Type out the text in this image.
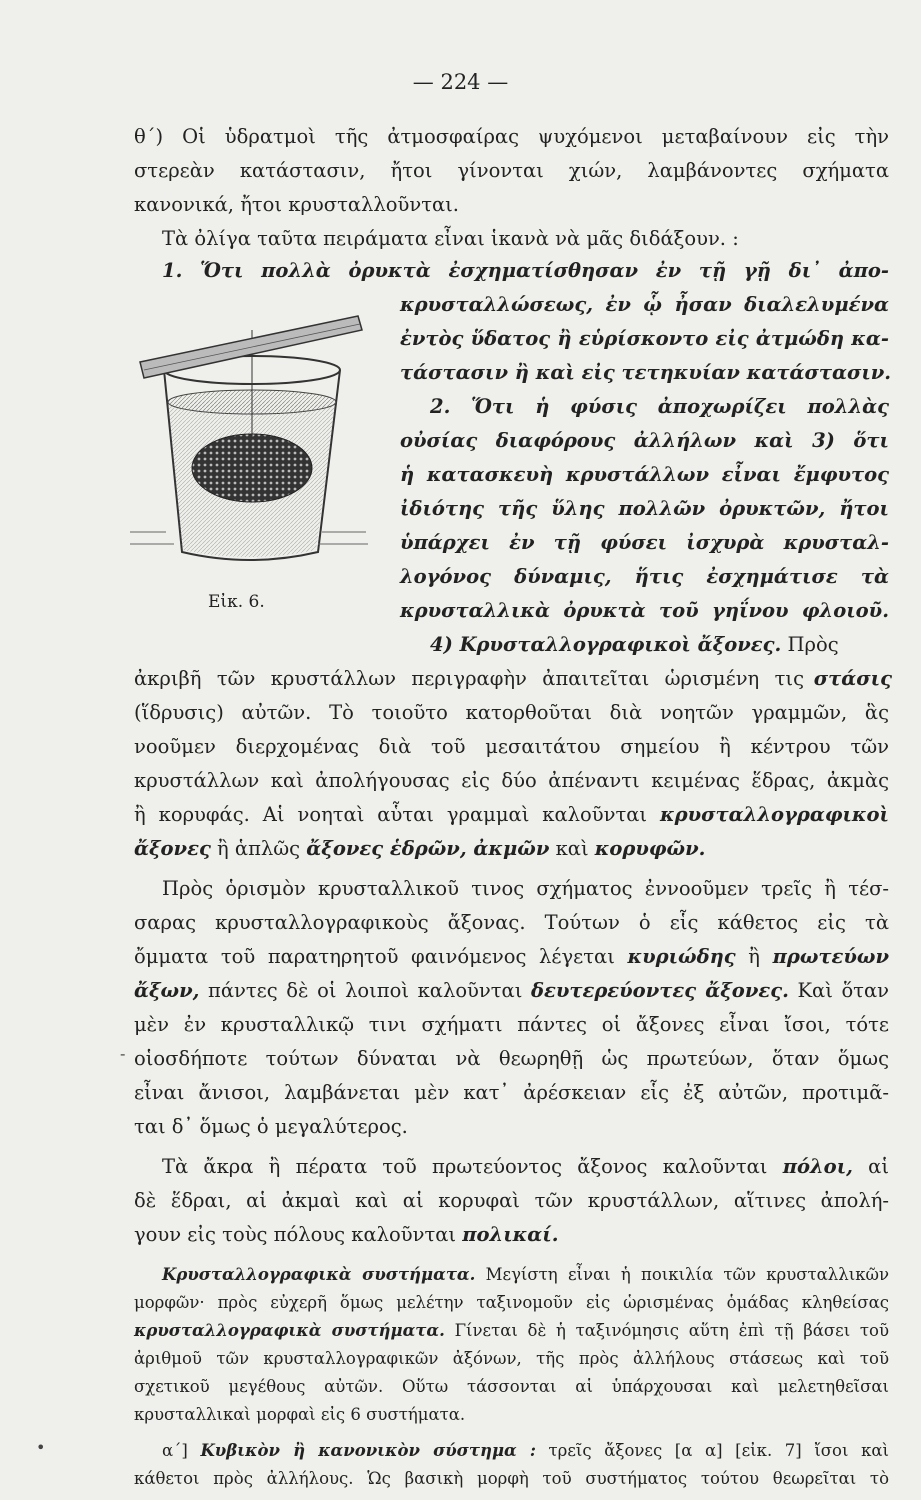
— 224 —
θ΄) Οἱ ὑδρατμοὶ τῆς ἀτμοσφαίρας ψυχόμενοι μεταβαίνουν εἰς τὴν
στερεὰν κατάστασιν, ἤτοι γίνονται χιών, λαμβάνοντες σχήματα
κανονικά, ἤτοι κρυσταλλοῦνται.
Τὰ ὀλίγα ταῦτα πειράματα εἶναι ἱκανὰ νὰ μᾶς διδάξουν. :
1. Ὅτι πολλὰ ὀρυκτὰ ἐσχηματίσθησαν ἐν τῇ γῇ δι᾽ ἀπο-
κρυσταλλώσεως, ἐν ᾧ ἦσαν διαλελυμένα
ἐντὸς ὕδατος ἢ εὑρίσκοντο εἰς ἀτμώδη κα-
τάστασιν ἢ καὶ εἰς τετηκυίαν κατάστασιν.
2. Ὅτι ἡ φύσις ἀποχωρίζει πολλὰς
οὐσίας διαφόρους ἀλλήλων καὶ 3) ὅτι
ἡ κατασκευὴ κρυστάλλων εἶναι ἔμφυτος
ἰδιότης τῆς ὕλης πολλῶν ὀρυκτῶν, ἤτοι
ὑπάρχει ἐν τῇ φύσει ἰσχυρὰ κρυσταλ-
λογόνος δύναμις, ἥτις ἐσχημάτισε τὰ
κρυσταλλικὰ ὀρυκτὰ τοῦ γηΐνου φλοιοῦ.
Εἰκ. 6.
4) Κρυσταλλογραφικοὶ ἄξονες. Πρὸς
ἀκριβῆ τῶν κρυστάλλων περιγραφὴν ἀπαιτεῖται ὡρισμένη τις στάσις
(ἵδρυσις) αὐτῶν. Τὸ τοιοῦτο κατορθοῦται διὰ νοητῶν γραμμῶν, ἃς
νοοῦμεν διερχομένας διὰ τοῦ μεσαιτάτου σημείου ἢ κέντρου τῶν
κρυστάλλων καὶ ἀπολήγουσας εἰς δύο ἀπέναντι κειμένας ἕδρας, ἀκμὰς
ἢ κορυφάς. Αἱ νοηταὶ αὗται γραμμαὶ καλοῦνται κρυσταλλογραφικοὶ
ἄξονες ἢ ἁπλῶς ἄξονες ἑδρῶν, ἀκμῶν καὶ κορυφῶν.
Πρὸς ὁρισμὸν κρυσταλλικοῦ τινος σχήματος ἐννοοῦμεν τρεῖς ἢ τέσ-
σαρας κρυσταλλογραφικοὺς ἄξονας. Τούτων ὁ εἷς κάθετος εἰς τὰ
ὄμματα τοῦ παρατηρητοῦ φαινόμενος λέγεται κυριώδης ἢ πρωτεύων
ἄξων, πάντες δὲ οἱ λοιποὶ καλοῦνται δευτερεύοντες ἄξονες. Καὶ ὅταν
μὲν ἐν κρυσταλλικῷ τινι σχήματι πάντες οἱ ἄξονες εἶναι ἴσοι, τότε
οἱοσδήποτε τούτων δύναται νὰ θεωρηθῇ ὡς πρωτεύων, ὅταν ὅμως
εἶναι ἄνισοι, λαμβάνεται μὲν κατ᾽ ἀρέσκειαν εἷς ἐξ αὐτῶν, προτιμᾶ-
ται δ᾽ ὅμως ὁ μεγαλύτερος.
Τὰ ἄκρα ἢ πέρατα τοῦ πρωτεύοντος ἄξονος καλοῦνται πόλοι, αἱ
δὲ ἕδραι, αἱ ἀκμαὶ καὶ αἱ κορυφαὶ τῶν κρυστάλλων, αἵτινες ἀπολή-
γουν εἰς τοὺς πόλους καλοῦνται πολικαί.
Κρυσταλλογραφικὰ συστήματα. Μεγίστη εἶναι ἡ ποικιλία τῶν κρυσταλλικῶν
μορφῶν· πρὸς εὐχερῆ ὅμως μελέτην ταξινομοῦν εἰς ὡρισμένας ὁμάδας κληθείσας
κρυσταλλογραφικὰ συστήματα. Γίνεται δὲ ἡ ταξινόμησις αὕτη ἐπὶ τῇ βάσει τοῦ
ἀριθμοῦ τῶν κρυσταλλογραφικῶν ἀξόνων, τῆς πρὸς ἀλλήλους στάσεως καὶ τοῦ
σχετικοῦ μεγέθους αὐτῶν. Οὕτω τάσσονται αἱ ὑπάρχουσαι καὶ μελετηθεῖσαι
κρυσταλλικαὶ μορφαὶ εἰς 6 συστήματα.
α΄] Κυβικὸν ἢ κανονικὸν σύστημα : τρεῖς ἄξονες [α α] [εἰκ. 7] ἴσοι καὶ
κάθετοι πρὸς ἀλλήλους. Ὡς βασικὴ μορφὴ τοῦ συστήματος τούτου θεωρεῖται τὸ
-
•
